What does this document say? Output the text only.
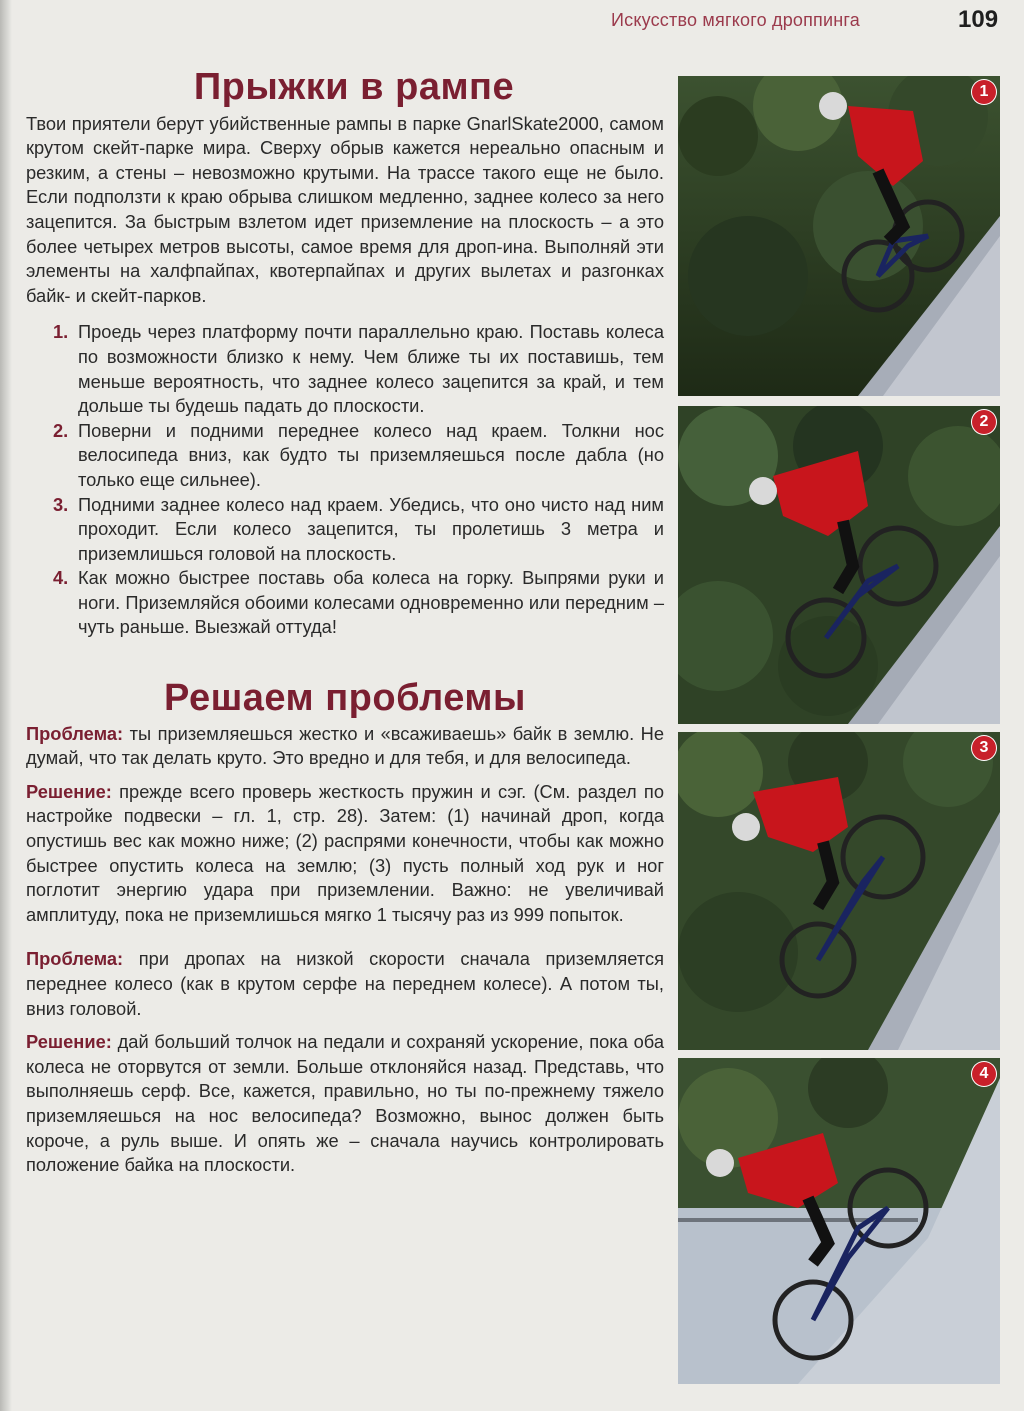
Искусство мягкого дроппинга	109
Прыжки в рампе

Твои приятели берут убийственные рампы в парке GnarlSkate2000, самом крутом скейт-парке мира. Сверху обрыв кажется нереально опасным и резким, а стены – невозможно крутыми. На трассе такого еще не было. Если подползти к краю обрыва слишком медленно, заднее колесо за него зацепится. За быстрым взлетом идет приземление на плоскость – а это более четырех метров высоты, самое время для дроп-ина. Выполняй эти элементы на халфпайпах, квотерпайпах и других вылетах и разгонках байк- и скейт-парков.

1. Проедь через платформу почти параллельно краю. Поставь колеса по возможности близко к нему. Чем ближе ты их поставишь, тем меньше вероятность, что заднее колесо зацепится за край, и тем дольше ты будешь падать до плоскости.
2. Поверни и подними переднее колесо над краем. Толкни нос велосипеда вниз, как будто ты приземляешься после дабла (но только еще сильнее).
3. Подними заднее колесо над краем. Убедись, что оно чисто над ним проходит. Если колесо зацепится, ты пролетишь 3 метра и приземлишься головой на плоскость.
4. Как можно быстрее поставь оба колеса на горку. Выпрями руки и ноги. Приземляйся обоими колесами одновременно или передним – чуть раньше. Выезжай оттуда!
Решаем проблемы

Проблема: ты приземляешься жестко и «всаживаешь» байк в землю. Не думай, что так делать круто. Это вредно и для тебя, и для велосипеда.

Решение: прежде всего проверь жесткость пружин и сэг. (См. раздел по настройке подвески – гл. 1, стр. 28). Затем: (1) начинай дроп, когда опустишь вес как можно ниже; (2) распрями конечности, чтобы как можно быстрее опустить колеса на землю; (3) пусть полный ход рук и ног поглотит энергию удара при приземлении. Важно: не увеличивай амплитуду, пока не приземлишься мягко 1 тысячу раз из 999 попыток.

Проблема: при дропах на низкой скорости сначала приземляется переднее колесо (как в крутом серфе на переднем колесе). А потом ты, вниз головой.

Решение: дай больший толчок на педали и сохраняй ускорение, пока оба колеса не оторвутся от земли. Больше отклоняйся назад. Представь, что выполняешь серф. Все, кажется, правильно, но ты по-прежнему тяжело приземляешься на нос велосипеда? Возможно, вынос должен быть короче, а руль выше. И опять же – сначала научись контролировать положение байка на плоскости.

1
2
3
4
